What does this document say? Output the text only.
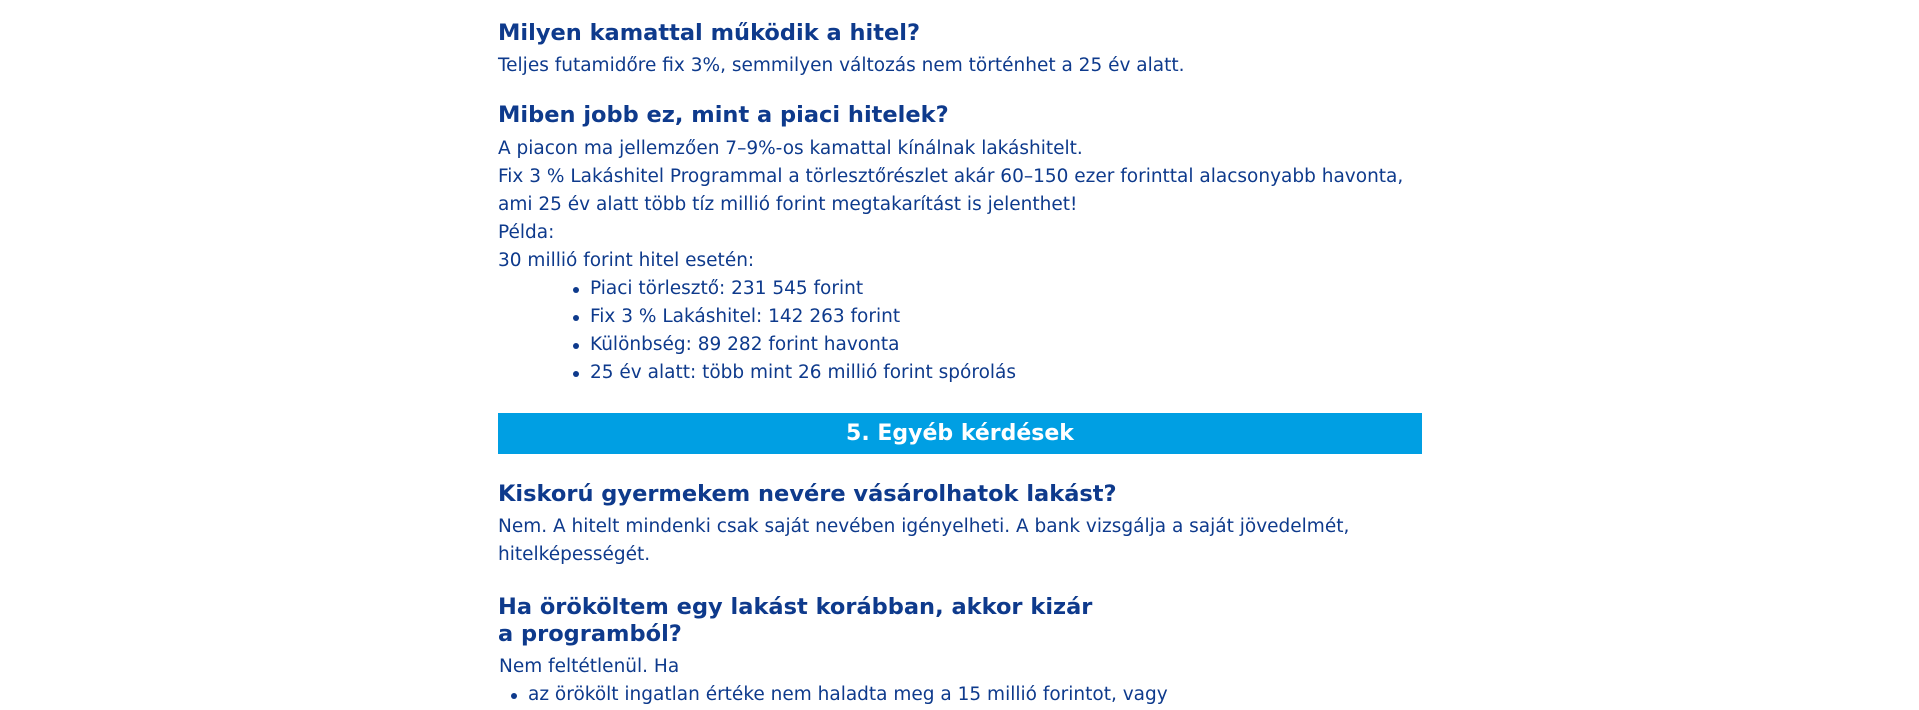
Milyen kamattal működik a hitel?

Teljes futamidőre fix 3%, semmilyen változás nem történhet a 25 év alatt.

Miben jobb ez, mint a piaci hitelek?

A piacon ma jellemzően 7–9%-os kamattal kínálnak lakáshitelt.

Fix 3 % Lakáshitel Programmal a törlesztőrészlet akár 60–150 ezer forinttal alacsonyabb havonta,

ami 25 év alatt több tíz millió forint megtakarítást is jelenthet!

Példa:

30 millió forint hitel esetén:

Piaci törlesztő: 231 545 forint

Fix 3 % Lakáshitel: 142 263 forint

Különbség: 89 282 forint havonta

25 év alatt: több mint 26 millió forint spórolás

5. Egyéb kérdések
Kiskorú gyermekem nevére vásárolhatok lakást?

Nem. A hitelt mindenki csak saját nevében igényelheti. A bank vizsgálja a saját jövedelmét,

hitelképességét.

Ha örököltem egy lakást korábban, akkor kizár
a programból?

Nem feltétlenül. Ha

az örökölt ingatlan értéke nem haladta meg a 15 millió forintot, vagy
